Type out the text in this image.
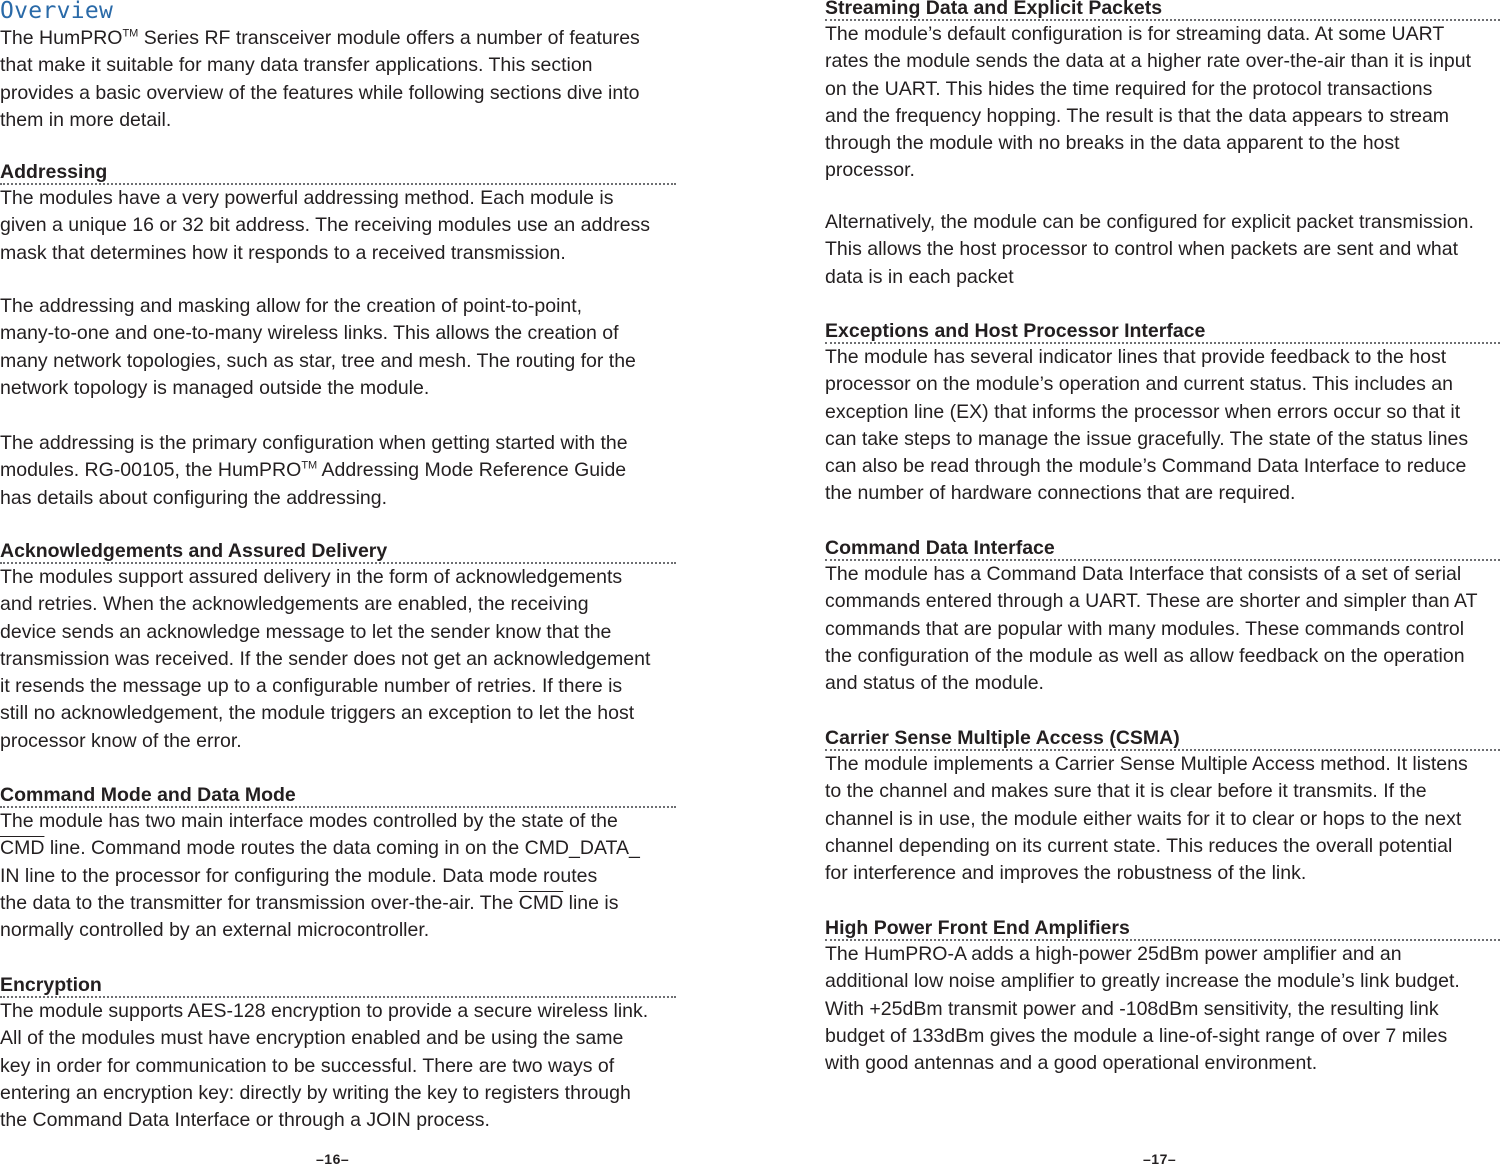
Overview

The HumPRO™ Series RF transceiver module offers a number of features
that make it suitable for many data transfer applications. This section
provides a basic overview of the features while following sections dive into
them in more detail.

Addressing

The modules have a very powerful addressing method. Each module is
given a unique 16 or 32 bit address. The receiving modules use an address
mask that determines how it responds to a received transmission.

The addressing and masking allow for the creation of point-to-point,
many-to-one and one-to-many wireless links. This allows the creation of
many network topologies, such as star, tree and mesh. The routing for the
network topology is managed outside the module.

The addressing is the primary configuration when getting started with the
modules. RG-00105, the HumPRO™ Addressing Mode Reference Guide
has details about configuring the addressing.

Acknowledgements and Assured Delivery

The modules support assured delivery in the form of acknowledgements
and retries. When the acknowledgements are enabled, the receiving
device sends an acknowledge message to let the sender know that the
transmission was received. If the sender does not get an acknowledgement
it resends the message up to a configurable number of retries. If there is
still no acknowledgement, the module triggers an exception to let the host
processor know of the error.

Command Mode and Data Mode

The module has two main interface modes controlled by the state of the
$\overline{CMD}$ line. Command mode routes the data coming in on the CMD_DATA_
IN line to the processor for configuring the module. Data mode routes
the data to the transmitter for transmission over-the-air. The $\overline{CMD}$ line is
normally controlled by an external microcontroller.

Encryption

The module supports AES-128 encryption to provide a secure wireless link.
All of the modules must have encryption enabled and be using the same
key in order for communication to be successful. There are two ways of
entering an encryption key: directly by writing the key to registers through
the Command Data Interface or through a JOIN process.

–16–
Streaming Data and Explicit Packets

The module’s default configuration is for streaming data. At some UART
rates the module sends the data at a higher rate over-the-air than it is input
on the UART. This hides the time required for the protocol transactions
and the frequency hopping. The result is that the data appears to stream
through the module with no breaks in the data apparent to the host
processor.

Alternatively, the module can be configured for explicit packet transmission.
This allows the host processor to control when packets are sent and what
data is in each packet

Exceptions and Host Processor Interface

The module has several indicator lines that provide feedback to the host
processor on the module’s operation and current status. This includes an
exception line (EX) that informs the processor when errors occur so that it
can take steps to manage the issue gracefully. The state of the status lines
can also be read through the module’s Command Data Interface to reduce
the number of hardware connections that are required.

Command Data Interface

The module has a Command Data Interface that consists of a set of serial
commands entered through a UART. These are shorter and simpler than AT
commands that are popular with many modules. These commands control
the configuration of the module as well as allow feedback on the operation
and status of the module.

Carrier Sense Multiple Access (CSMA)

The module implements a Carrier Sense Multiple Access method. It listens
to the channel and makes sure that it is clear before it transmits. If the
channel is in use, the module either waits for it to clear or hops to the next
channel depending on its current state. This reduces the overall potential
for interference and improves the robustness of the link.

High Power Front End Amplifiers

The HumPRO-A adds a high-power 25dBm power amplifier and an
additional low noise amplifier to greatly increase the module’s link budget.
With +25dBm transmit power and -108dBm sensitivity, the resulting link
budget of 133dBm gives the module a line-of-sight range of over 7 miles
with good antennas and a good operational environment.

–17–
